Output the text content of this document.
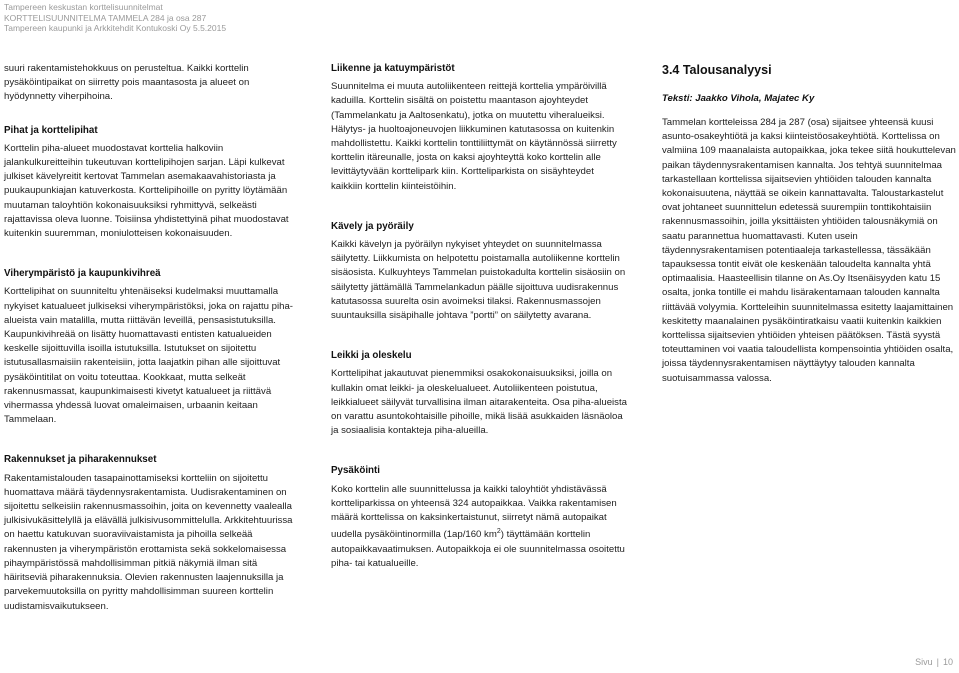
Tampereen keskustan korttelisuunnitelmat
KORTTELISUUNNITELMA TAMMELA 284 ja osa 287
Tampereen kaupunki ja Arkkitehdit Kontukoski Oy 5.5.2015

suuri rakentamistehokkuus on perusteltua. Kaikki korttelin pysäköintipaikat on siirretty pois maantasosta ja alueet on hyödynnetty viherpihoina.

Pihat ja korttelipihat

Korttelin piha-alueet muodostavat korttelia halkoviin jalankulkureitteihin tukeutuvan korttelipihojen sarjan. Läpi kulkevat julkiset kävelyreitit kertovat Tammelan asemakaavahistoriasta ja puukaupunkiajan katuverkosta. Korttelipihoille on pyritty löytämään muutaman taloyhtiön kokonaisuuksiksi ryhmittyvä, selkeästi rajattavissa oleva luonne. Toisiinsa yhdistettyinä pihat muodostavat kuitenkin suuremman, moniulotteisen kokonaisuuden.

Viherympäristö ja kaupunkivihreä

Korttelipihat on suunniteltu yhtenäiseksi kudelmaksi muuttamalla nykyiset katualueet julkiseksi viherympäristöksi, joka on rajattu piha-alueista vain matalilla, mutta riittävän leveillä, pensasistutuksilla. Kaupunkivihreää on lisätty huomattavasti entisten katualueiden keskelle sijoittuvilla isoilla istutuksilla. Istutukset on sijoitettu istutusallasmaisiin rakenteisiin, jotta laajatkin pihan alle sijoittuvat pysäköintitilat on voitu toteuttaa. Kookkaat, mutta selkeät rakennusmassat, kaupunkimaisesti kivetyt katualueet ja riittävä vihermassa yhdessä luovat omaleimaisen, urbaanin keitaan Tammelaan.

Rakennukset ja piharakennukset

Rakentamistalouden tasapainottamiseksi kortteliin on sijoitettu huomattava määrä täydennysrakentamista. Uudisrakentaminen on sijoitettu selkeisiin rakennusmassoihin, joita on kevennetty vaalealla julkisivukäsittelyllä ja elävällä julkisivusommittelulla. Arkkitehtuurissa on haettu katukuvan suoraviivaistamista ja pihoilla selkeää rakennusten ja viherympäristön erottamista sekä sokkelomaisessa pihaympäristössä mahdollisimman pitkiä näkymiä ilman sitä häiritseviä piharakennuksia. Olevien rakennusten laajennuksilla ja parvekemuutoksilla on pyritty mahdollisimman suureen korttelin uudistamisvaikutukseen.

Liikenne ja katuympäristöt

Suunnitelma ei muuta autoliikenteen reittejä korttelia ympäröivillä kaduilla. Korttelin sisältä on poistettu maantason ajoyhteydet (Tammelankatu ja Aaltosenkatu), jotka on muutettu viheralueiksi. Hälytys- ja huoltoajoneuvojen liikkuminen katutasossa on kuitenkin mahdollistettu. Kaikki korttelin tonttiliittymät on käytännössä siirretty korttelin itäreunalle, josta on kaksi ajoyhteyttä koko korttelin alle levittäytyvään korttelipark kiin. Kortteliparkista on sisäyhteydet kaikkiin korttelin kiinteistöihin.

Kävely ja pyöräily

Kaikki kävelyn ja pyöräilyn nykyiset yhteydet on suunnitelmassa säilytetty. Liikkumista on helpotettu poistamalla autoliikenne korttelin sisäosista. Kulkuyhteys Tammelan puistokadulta korttelin sisäosiin on säilytetty jättämällä Tammelankadun päälle sijoittuva uudisrakennus katutasossa suurelta osin avoimeksi tilaksi. Rakennusmassojen suuntauksilla sisäpihalle johtava ”portti” on säilytetty avarana.

Leikki ja oleskelu

Korttelipihat jakautuvat pienemmiksi osakokonaisuuksiksi, joilla on kullakin omat leikki- ja oleskelualueet. Autoliikenteen poistutua, leikkialueet säilyvät turvallisina ilman aitarakenteita. Osa piha-alueista on varattu asuntokohtaisille pihoille, mikä lisää asukkaiden läsnäoloa ja sosiaalisia kontakteja piha-alueilla.

Pysäköinti

Koko korttelin alle suunnittelussa ja kaikki taloyhtiöt yhdistävässä kortteliparkissa on yhteensä 324 autopaikkaa. Vaikka rakentamisen määrä korttelissa on kaksinkertaistunut, siirretyt nämä autopaikat uudella pysäköintinormilla (1ap/160 $km^2$) täyttämään korttelin autopaikkavaatimuksen. Autopaikkoja ei ole suunnitelmassa osoitettu piha- tai katualueille.

3.4 Talousanalyysi

Teksti: Jaakko Vihola, Majatec Ky

Tammelan kortteleissa 284 ja 287 (osa) sijaitsee yhteensä kuusi asunto-osakeyhtiötä ja kaksi kiinteistöosakeyhtiötä. Korttelissa on valmiina 109 maanalaista autopaikkaa, joka tekee siitä houkuttelevan paikan täydennysrakentamisen kannalta. Jos tehtyä suunnitelmaa tarkastellaan korttelissa sijaitsevien yhtiöiden talouden kannalta kokonaisuutena, näyttää se oikein kannattavalta. Taloustarkastelut ovat johtaneet suunnittelun edetessä suurempiin tonttikohtaisiin rakennusmassoihin, joilla yksittäisten yhtiöiden talousnäkymiä on saatu parannettua huomattavasti. Kuten usein täydennysrakentamisen potentiaaleja tarkastellessa, tässäkään tapauksessa tontit eivät ole keskenään taloudelta kannalta yhtä optimaalisia. Haasteellisin tilanne on As.Oy Itsenäisyyden katu 15 osalta, jonka tontille ei mahdu lisärakentamaan talouden kannalta riittävää volyymia. Kortteleihin suunnitelmassa esitetty laajamittainen keskitetty maanalainen pysäköintiratkaisu vaatii kuitenkin kaikkien korttelissa sijaitsevien yhtiöiden yhteisen päätöksen. Tästä syystä toteuttaminen voi vaatia taloudellista kompensointia yhtiöiden osalta, joissa täydennysrakentamisen näyttäytyy talouden kannalta suotuisammassa valossa.

Sivu | 10
